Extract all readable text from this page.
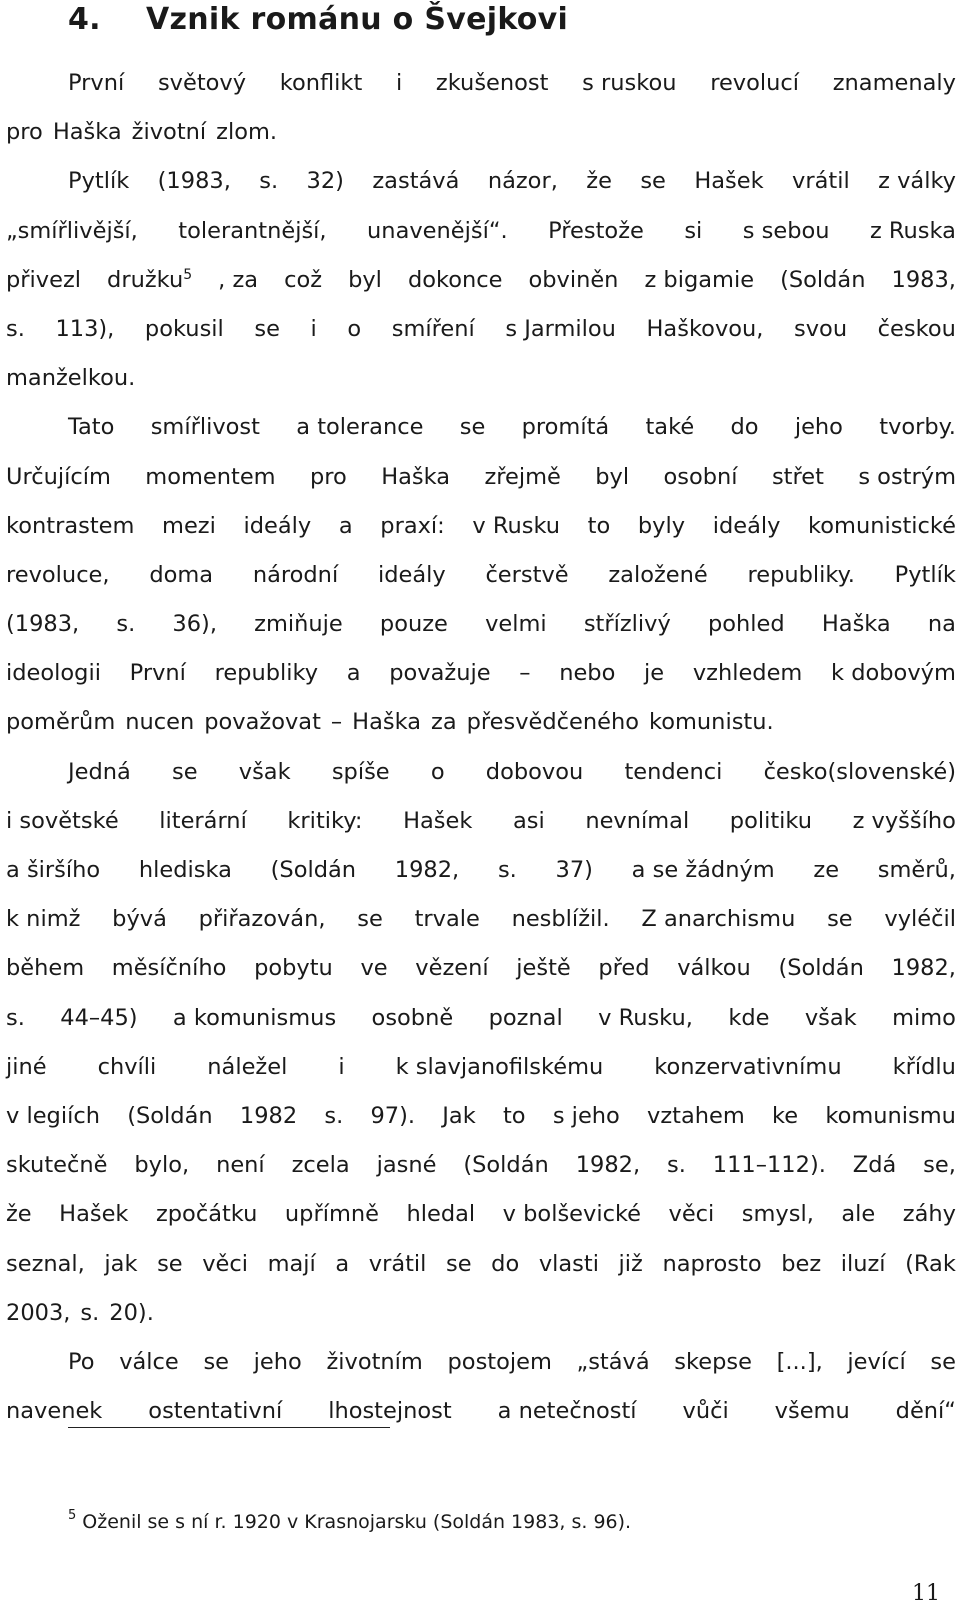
4. Vznik románu o Švejkovi
První světový konflikt i zkušenost s ruskou revolucí znamenaly
pro Haška životní zlom.
Pytlík (1983, s. 32) zastává názor, že se Hašek vrátil z války
„smířlivější, tolerantnější, unavenější“. Přestože si s sebou z Ruska
přivezl družku$^5$ , za což byl dokonce obviněn z bigamie (Soldán 1983,
s. 113), pokusil se i o smíření s Jarmilou Haškovou, svou českou
manželkou.
Tato smířlivost a tolerance se promítá také do jeho tvorby.
Určujícím momentem pro Haška zřejmě byl osobní střet s ostrým
kontrastem mezi ideály a praxí: v Rusku to byly ideály komunistické
revoluce, doma národní ideály čerstvě založené republiky. Pytlík
(1983, s. 36), zmiňuje pouze velmi střízlivý pohled Haška na
ideologii První republiky a považuje – nebo je vzhledem k dobovým
poměrům nucen považovat – Haška za přesvědčeného komunistu.
Jedná se však spíše o dobovou tendenci česko(slovenské)
i sovětské literární kritiky: Hašek asi nevnímal politiku z vyššího
a širšího hlediska (Soldán 1982, s. 37) a se žádným ze směrů,
k nimž bývá přiřazován, se trvale nesblížil. Z anarchismu se vyléčil
během měsíčního pobytu ve vězení ještě před válkou (Soldán 1982,
s. 44–45) a komunismus osobně poznal v Rusku, kde však mimo
jiné chvíli náležel i k slavjanofilskému konzervativnímu křídlu
v legiích (Soldán 1982 s. 97). Jak to s jeho vztahem ke komunismu
skutečně bylo, není zcela jasné (Soldán 1982, s. 111–112). Zdá se,
že Hašek zpočátku upřímně hledal v bolševické věci smysl, ale záhy
seznal, jak se věci mají a vrátil se do vlasti již naprosto bez iluzí (Rak
2003, s. 20).
Po válce se jeho životním postojem „stává skepse [...], jevící se
navenek ostentativní lhostejnost a netečností vůči všemu dění“
$^5$ Oženil se s ní r. 1920 v Krasnojarsku (Soldán 1983, s. 96).
11
